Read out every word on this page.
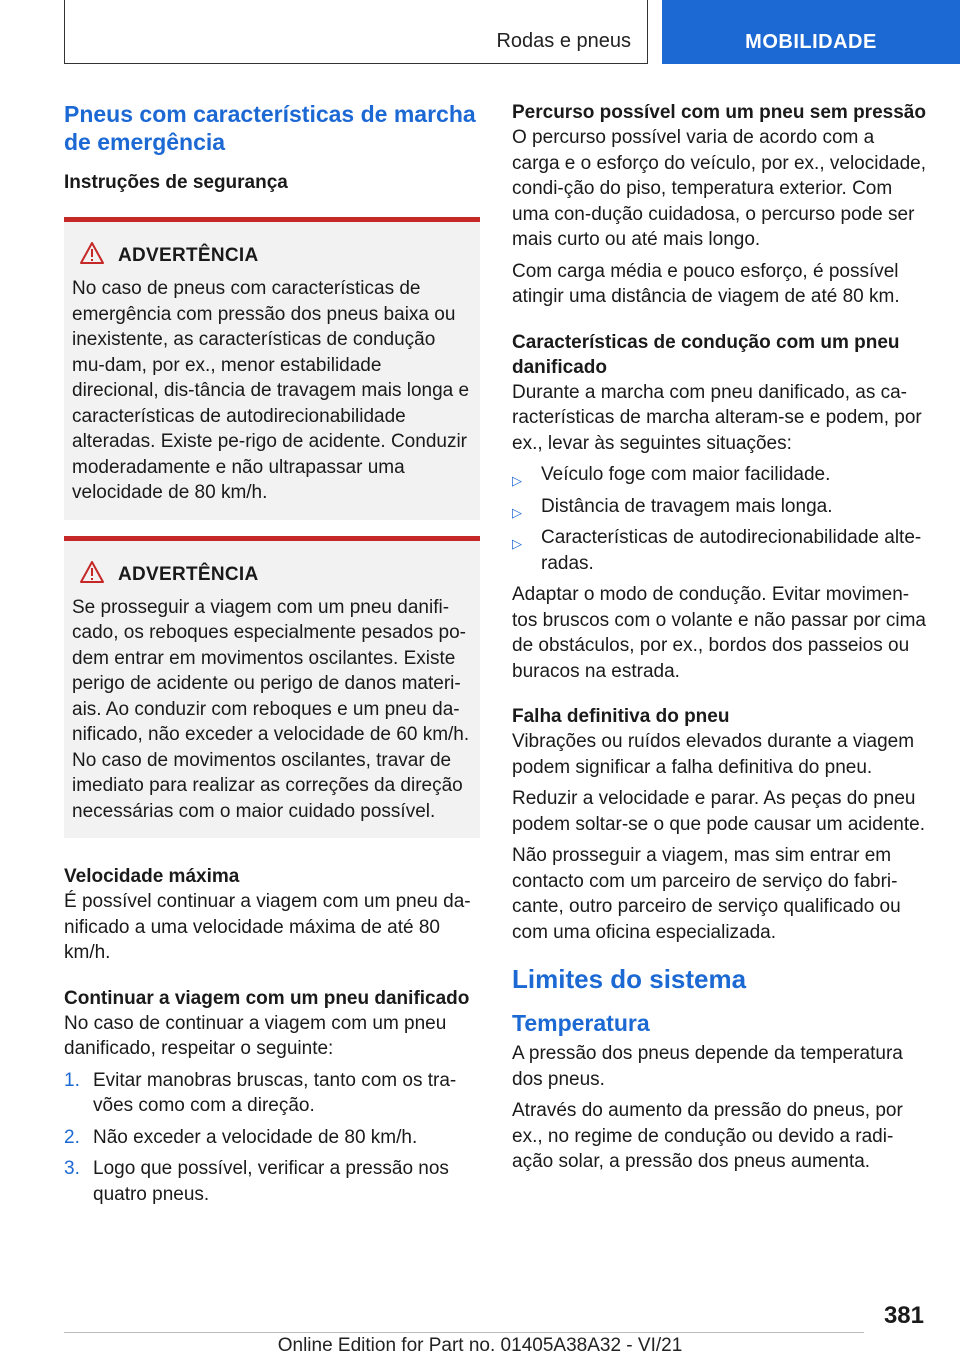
Rodas e pneus	MOBILIDADE
Pneus com características de marcha de emergência
Instruções de segurança
ADVERTÊNCIA

No caso de pneus com características de emergência com pressão dos pneus baixa ou inexistente, as características de condução mu-dam, por ex., menor estabilidade direcional, dis-tância de travagem mais longa e características de autodirecionabilidade alteradas. Existe pe-rigo de acidente. Conduzir moderadamente e não ultrapassar uma velocidade de 80 km/h.

ADVERTÊNCIA

Se prosseguir a viagem com um pneu danifi-cado, os reboques especialmente pesados po-dem entrar em movimentos oscilantes. Existe perigo de acidente ou perigo de danos materi-ais. Ao conduzir com reboques e um pneu da-nificado, não exceder a velocidade de 60 km/h. No caso de movimentos oscilantes, travar de imediato para realizar as correções da direção necessárias com o maior cuidado possível.

Velocidade máxima

É possível continuar a viagem com um pneu da-nificado a uma velocidade máxima de até 80 km/h.

Continuar a viagem com um pneu danificado

No caso de continuar a viagem com um pneu danificado, respeitar o seguinte:

1. Evitar manobras bruscas, tanto com os tra-vões como com a direção.
2. Não exceder a velocidade de 80 km/h.
3. Logo que possível, verificar a pressão nos quatro pneus.
Percurso possível com um pneu sem pressão

O percurso possível varia de acordo com a carga e o esforço do veículo, por ex., velocidade, condi-ção do piso, temperatura exterior. Com uma con-dução cuidadosa, o percurso pode ser mais curto ou até mais longo.

Com carga média e pouco esforço, é possível atingir uma distância de viagem de até 80 km.

Características de condução com um pneu danificado

Durante a marcha com pneu danificado, as ca-racterísticas de marcha alteram-se e podem, por ex., levar às seguintes situações:

▷ Veículo foge com maior facilidade.
▷ Distância de travagem mais longa.
▷ Características de autodirecionabilidade alte-radas.

Adaptar o modo de condução. Evitar movimen-tos bruscos com o volante e não passar por cima de obstáculos, por ex., bordos dos passeios ou buracos na estrada.

Falha definitiva do pneu

Vibrações ou ruídos elevados durante a viagem podem significar a falha definitiva do pneu.

Reduzir a velocidade e parar. As peças do pneu podem soltar-se o que pode causar um acidente.

Não prosseguir a viagem, mas sim entrar em contacto com um parceiro de serviço do fabri-cante, outro parceiro de serviço qualificado ou com uma oficina especializada.

Limites do sistema
Temperatura

A pressão dos pneus depende da temperatura dos pneus.

Através do aumento da pressão do pneus, por ex., no regime de condução ou devido a radi-ação solar, a pressão dos pneus aumenta.

381
Online Edition for Part no. 01405A38A32 - VI/21
